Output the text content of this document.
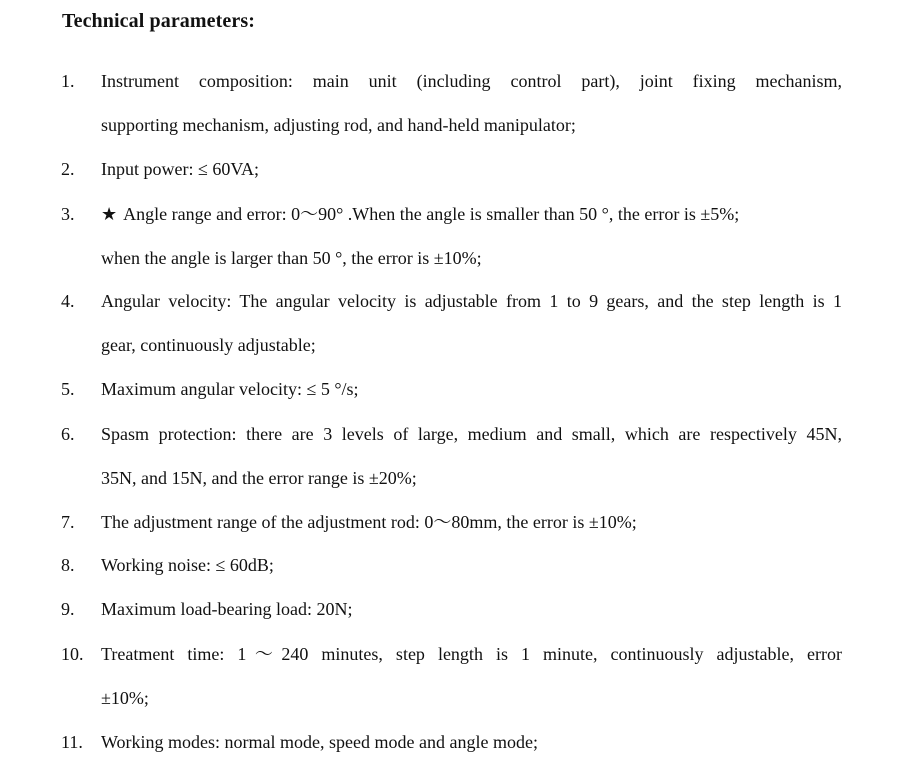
Technical parameters:
1. Instrument composition: main unit (including control part), joint fixing mechanism,
supporting mechanism, adjusting rod, and hand-held manipulator;
2. Input power: ≤ 60VA;
3. ★ Angle range and error: 0～90° .When the angle is smaller than 50 °, the error is ±5%;
when the angle is larger than 50 °, the error is ±10%;
4. Angular velocity: The angular velocity is adjustable from 1 to 9 gears, and the step length is 1
gear, continuously adjustable;
5. Maximum angular velocity: ≤ 5 °/s;
6. Spasm protection: there are 3 levels of large, medium and small, which are respectively 45N,
35N, and 15N, and the error range is ±20%;
7. The adjustment range of the adjustment rod: 0～80mm, the error is ±10%;
8. Working noise: ≤ 60dB;
9. Maximum load-bearing load: 20N;
10. Treatment time: 1～240 minutes, step length is 1 minute, continuously adjustable, error
±10%;
11. Working modes: normal mode, speed mode and angle mode;
